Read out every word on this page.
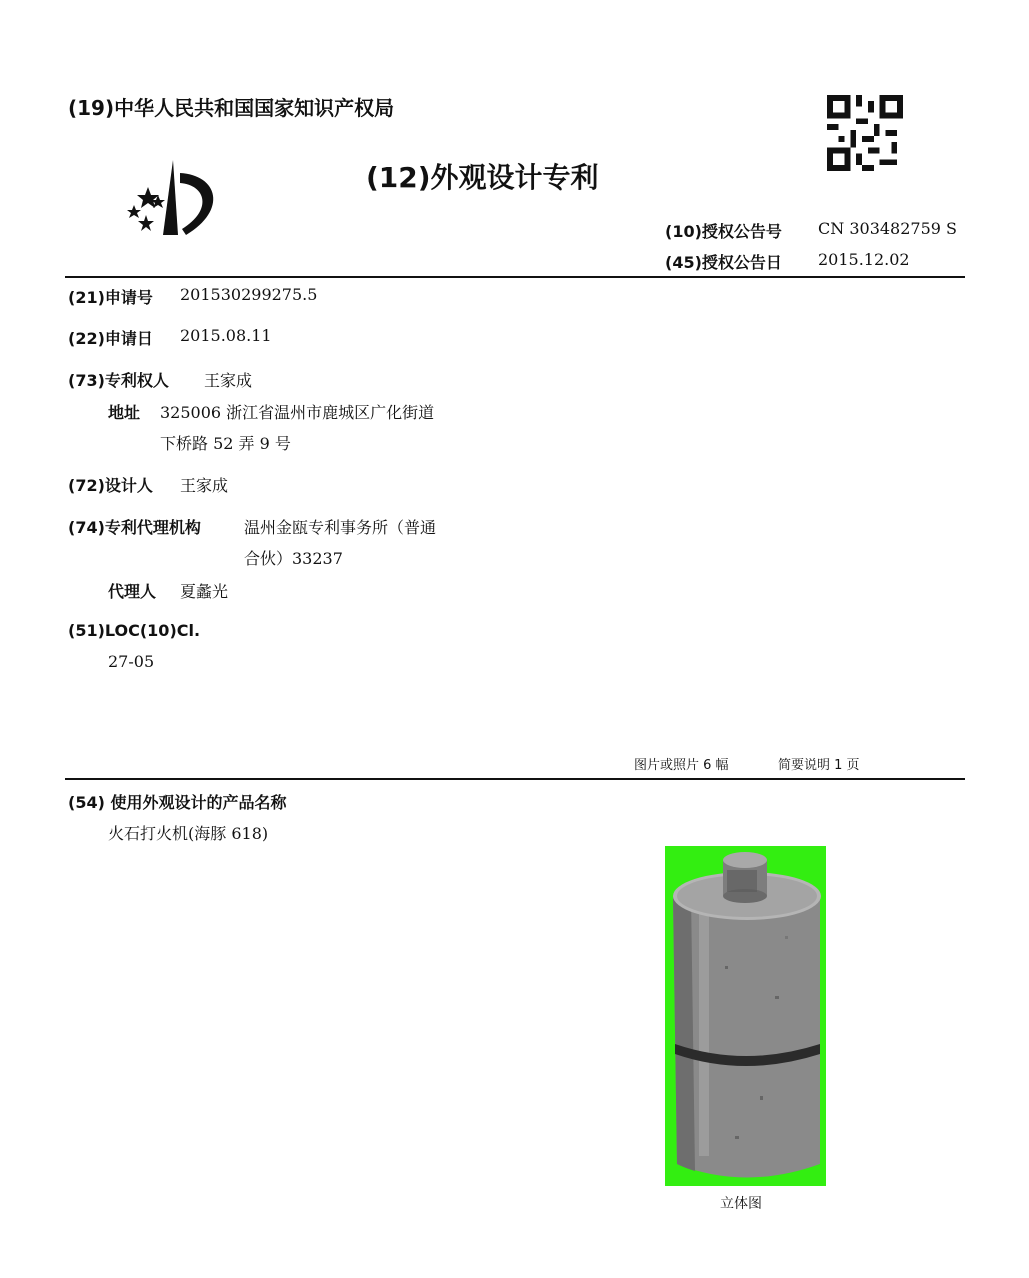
(19)中华人民共和国国家知识产权局
(12)外观设计专利
(10)授权公告号 CN 303482759 S
(45)授权公告日 2015.12.02
(21)申请号 201530299275.5
(22)申请日 2015.08.11
(73)专利权人 王家成
地址 325006 浙江省温州市鹿城区广化街道
下桥路 52 弄 9 号
(72)设计人 王家成
(74)专利代理机构	温州金瓯专利事务所（普通
合伙）33237
代理人 夏蠡光
(51)LOC(10)Cl.
27-05
图片或照片 6 幅	简要说明 1 页
(54) 使用外观设计的产品名称
火石打火机(海豚 618)
立体图
